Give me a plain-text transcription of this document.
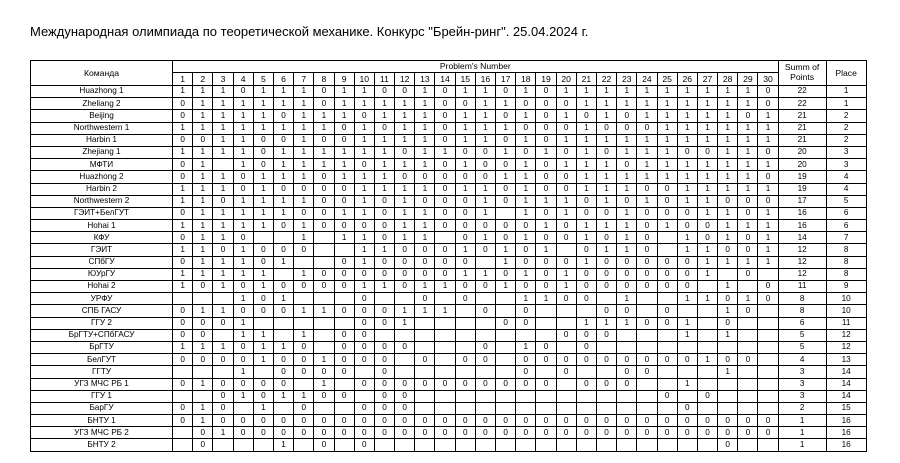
Международная олимпиада по теоретической механике. Конкурс "Брейн-ринг". 25.04.2024 г.
Команда	Problem's Number																														Summ of Points	Place
	1	2	3	4	5	6	7	8	9	10	11	12	13	14	15	16	17	18	19	20	21	22	23	24	25	26	27	28	29	30		
Huazhong 1	1	1	1	0	1	1	1	0	1	1	0	0	1	0	1	1	0	1	0	1	1	1	1	1	1	1	1	1	1	0	22	1
Zheliang 2	0	1	1	1	1	1	1	0	1	1	1	1	1	0	0	1	1	0	0	0	1	1	1	1	1	1	1	1	1	0	22	1
Beijing	0	1	1	1	1	0	1	1	1	0	1	1	1	0	1	1	0	1	0	1	0	1	0	1	1	1	1	1	0	1	21	2
Northwestern 1	1	1	1	1	1	1	1	1	0	1	0	1	1	0	1	1	1	0	0	0	1	0	0	0	1	1	1	1	1	1	21	2
Harbin 1	0	0	1	1	0	0	1	0	0	1	1	1	1	0	1	1	0	1	0	1	1	1	1	1	1	1	1	1	1	1	21	2
Zhejiang 1	1	1	1	1	0	1	1	1	1	1	1	0	1	1	0	0	1	0	1	0	1	0	1	1	1	0	0	1	1	0	20	3
МФТИ	0	1		1	0	1	1	1	1	0	1	1	1	0	1	0	0	1	0	1	1	1	0	1	1	1	1	1	1	1	20	3
Huazhong 2	0	1	1	0	1	1	1	0	1	1	1	0	0	0	0	0	1	1	0	0	1	1	1	1	1	1	1	1	1	0	19	4
Harbin 2	1	1	1	0	1	0	0	0	0	1	1	1	1	0	1	1	0	1	0	0	1	1	1	0	0	1	1	1	1	1	19	4
Northwestern 2	1	1	0	1	1	1	1	0	0	1	0	1	0	0	0	1	0	1	1	1	0	1	0	1	0	1	1	0	0	0	17	5
ГЭИТ+БелГУТ	0	1	1	1	1	1	0	0	1	1	0	1	1	0	0	1		1	0	1	0	0	1	0	0	0	1	1	0	1	16	6
Hohai 1	1	1	1	1	1	0	1	0	0	0	0	1	1	0	0	0	0	0	1	0	1	1	1	0	1	0	0	1	1	1	16	6
КФУ	0	1	1	0			1		1	1	0	1	1		0	1	0	1	0	0	1	0	1	0		1	0	1	0	1	14	7
ГЭИТ	1	1	0	1	0	0	0			1	1	0	0	0	1	0	1	0	1		0	1	1	0		1	1	0	0	1	12	8
СПбГУ	0	1	1	1	0	1			0	1	0	0	0	0	0		1	0	0	0	1	0	0	0	0	0	1	1	1	1	12	8
ЮУрГУ	1	1	1	1	1		1	0	0	0	0	0	0	0	1	1	0	1	0	1	0	0	0	0	0	0	1		0		12	8
Hohai 2	1	0	1	0	1	0	0	0	0	1	1	0	1	1	0	0	1	0	0	1	0	0	0	0	0	0		1		0	11	9
УРФУ				1	0	1				0			0		0			1	1	0	0		1			1	1	0	1	0	8	10
СПБ ГАСУ	0	1	1	0	0	0	1	1	0	0	0	1	1	1		0		0				0	0		0			1	0		8	10
ГГУ 2	0	0	0	1						0	0	1					0	0			1	1	1	0	0	1		0			6	11
БрГТУ+СПбГАСУ	0	0		1	1		1		0	0										0	0	0				1		1			5	12
БрГТУ	1	1	1	0	1	1	0		0	0	0	0				0		1	0		0										5	12
БелГУТ	0	0	0	0	1	0	0	1	0	0	0		0		0	0		0	0	0	0	0	0	0	0	0	1	0	0		4	13
ГГТУ				1		0	0	0	0		0							0		0			0	0				1			3	14
УГЗ МЧС РБ 1	0	1	0	0	0	0		1		0	0	0	0	0	0	0	0	0	0		0	0	0			1					3	14
ГГУ 1			0	1	0	1	1	0	0		0	0													0		0				3	14
БарГУ	0	1	0		1		0			0	0	0														0					2	15
БНТУ 1	0	1	0	0	0	0	0	0	0	0	0	0	0	0	0	0	0	0	0	0	0	0	0	0	0	0	0	0	0	0	1	16
УГЗ МЧС РБ 2		0	1	0	0	0	0	0	0	0	0	0	0	0	0	0	0	0	0	0	0	0	0	0	0	0	0	0	0	0	1	16
БНТУ 2		0				1		0		0																		0			1	16
